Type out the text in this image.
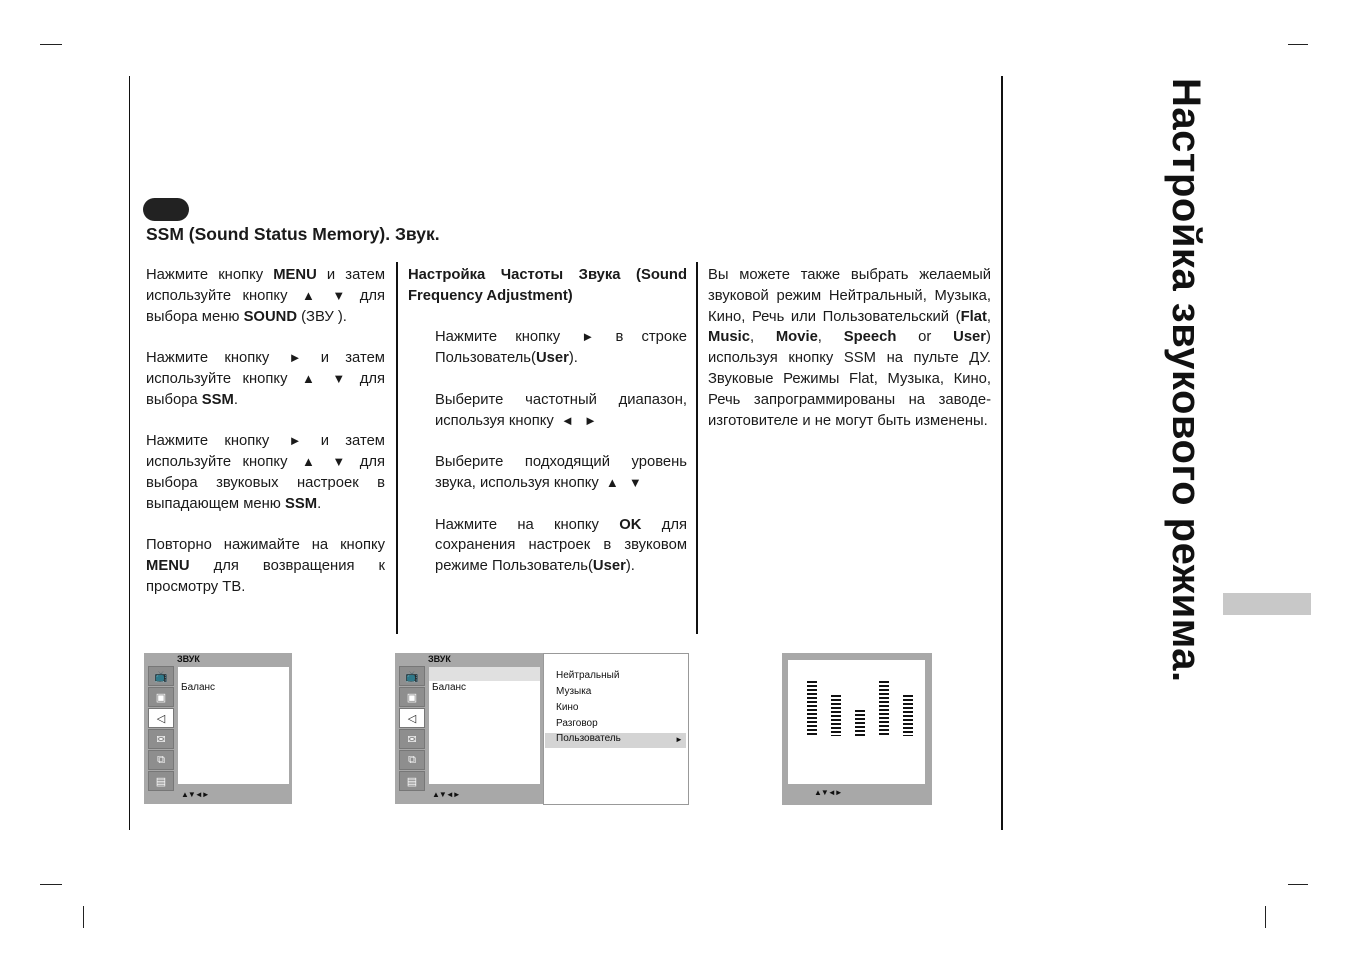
SSM (Sound Status Memory). Звук.

Нажмите кнопку MENU и затем используйте кнопку ▲ ▼ для выбора меню SOUND (ЗВУ ).

Нажмите кнопку ► и затем используйте кнопку ▲ ▼ для выбора SSM.

Нажмите кнопку ► и затем используйте кнопку ▲ ▼ для выбора звуковых настроек в выпадающем меню SSM.

Повторно нажимайте на кнопку MENU для возвращения к просмотру ТВ.

Настройка Частоты Звука (Sound Frequency Adjustment)

Нажмите кнопку ► в строке Пользователь(User).

Выберите частотный диапазон, используя кнопку ◄ ►

Выберите подходящий уровень звука, используя кнопку ▲ ▼

Нажмите на кнопку OK для сохранения настроек в звуковом режиме Пользователь(User).

Вы можете также выбрать желаемый звуковой режим Нейтральный, Музыка, Кино, Речь или Пользовательский (Flat, Music, Movie, Speech or User) используя кнопку SSM на пульте ДУ. Звуковые Режимы Flat, Музыка, Кино, Речь запрограммированы на заводе-изготовителе и не могут быть изменены.	Настройка звукового режима.
ЗВУК
📺
▣
◁
✉
⧉
▤
Баланс
▲▼◄►
ЗВУК
📺
▣
◁
✉
⧉
▤
Баланс
▲▼◄►
Нейтральный
Музыка
Кино
Разговор
Пользователь	►
▲▼◄►
